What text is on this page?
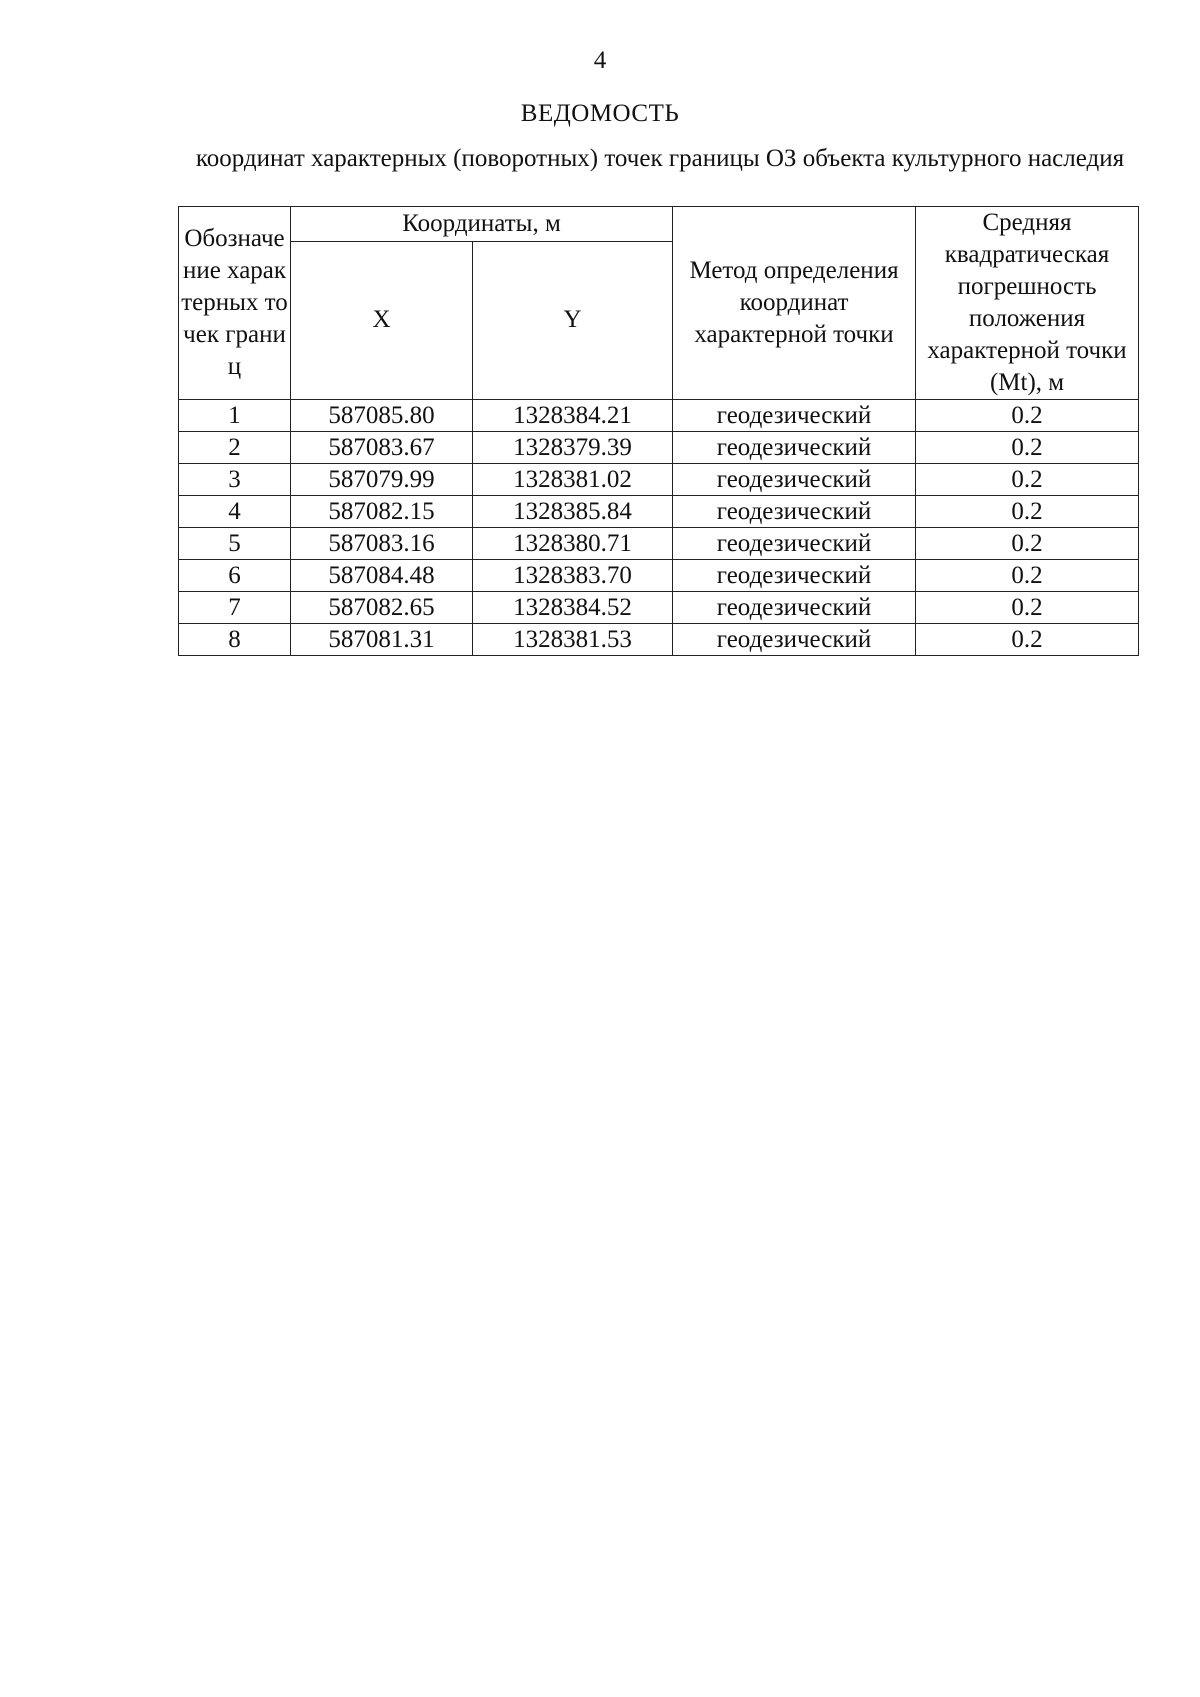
4
ВЕДОМОСТЬ
координат характерных (поворотных) точек границы ОЗ объекта культурного наследия
Обозначение характерных точек границ	Координаты, м		Метод определения координат характерной точки	Средняя квадратическая погрешность положения характерной точки (Mt), м
	X	Y		
1	587085.80	1328384.21	геодезический	0.2
2	587083.67	1328379.39	геодезический	0.2
3	587079.99	1328381.02	геодезический	0.2
4	587082.15	1328385.84	геодезический	0.2
5	587083.16	1328380.71	геодезический	0.2
6	587084.48	1328383.70	геодезический	0.2
7	587082.65	1328384.52	геодезический	0.2
8	587081.31	1328381.53	геодезический	0.2
